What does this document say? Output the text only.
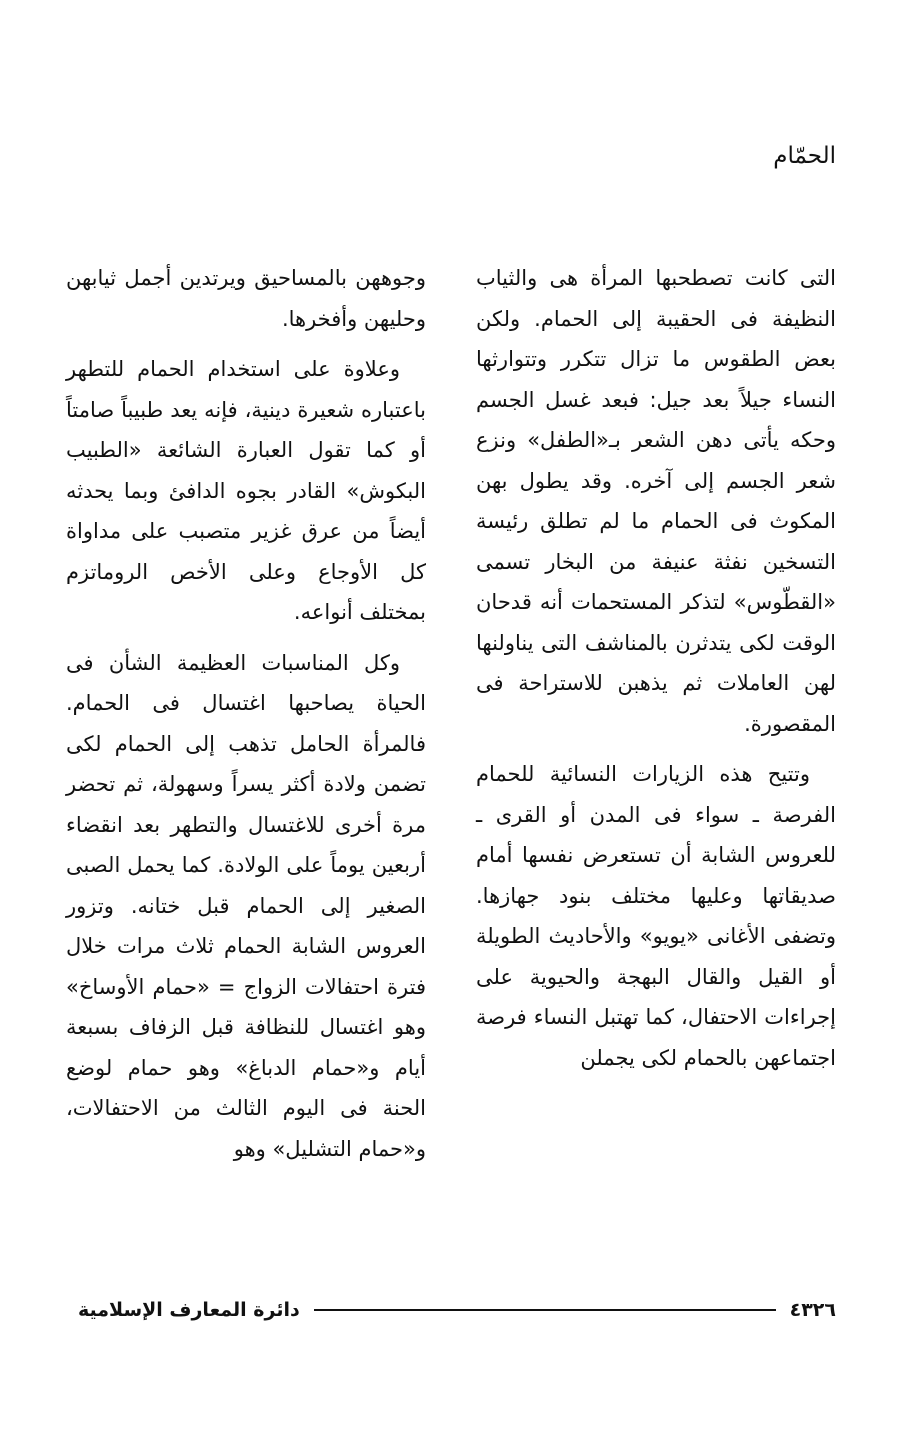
الحمّام

التى كانت تصطحبها المرأة هى والثياب النظيفة فى الحقيبة إلى الحمام. ولكن بعض الطقوس ما تزال تتكرر وتتوارثها النساء جيلاً بعد جيل: فبعد غسل الجسم وحكه يأتى دهن الشعر بـ«الطفل» ونزع شعر الجسم إلى آخره. وقد يطول بهن المكوث فى الحمام ما لم تطلق رئيسة التسخين نفثة عنيفة من البخار تسمى «القطّوس» لتذكر المستحمات أنه قدحان الوقت لكى يتدثرن بالمناشف التى يناولنها لهن العاملات ثم يذهبن للاستراحة فى المقصورة.

وتتيح هذه الزيارات النسائية للحمام الفرصة ـ سواء فى المدن أو القرى ـ للعروس الشابة أن تستعرض نفسها أمام صديقاتها وعليها مختلف بنود جهازها. وتضفى الأغانى «يويو» والأحاديث الطويلة أو القيل والقال البهجة والحيوية على إجراءات الاحتفال، كما تهتبل النساء فرصة اجتماعهن بالحمام لكى يجملن

وجوههن بالمساحيق ويرتدين أجمل ثيابهن وحليهن وأفخرها.

وعلاوة على استخدام الحمام للتطهر باعتباره شعيرة دينية، فإنه يعد طبيباً صامتاً أو كما تقول العبارة الشائعة «الطبيب البكوش» القادر بجوه الدافئ وبما يحدثه أيضاً من عرق غزير متصبب على مداواة كل الأوجاع وعلى الأخص الروماتزم بمختلف أنواعه.

وكل المناسبات العظيمة الشأن فى الحياة يصاحبها اغتسال فى الحمام. فالمرأة الحامل تذهب إلى الحمام لكى تضمن ولادة أكثر يسراً وسهولة، ثم تحضر مرة أخرى للاغتسال والتطهر بعد انقضاء أربعين يوماً على الولادة. كما يحمل الصبى الصغير إلى الحمام قبل ختانه. وتزور العروس الشابة الحمام ثلاث مرات خلال فترة احتفالات الزواج = «حمام الأوساخ» وهو اغتسال للنظافة قبل الزفاف بسبعة أيام و«حمام الدباغ» وهو حمام لوضع الحنة فى اليوم الثالث من الاحتفالات، و«حمام التشليل» وهو

٤٣٢٦
دائرة المعارف الإسلامية
